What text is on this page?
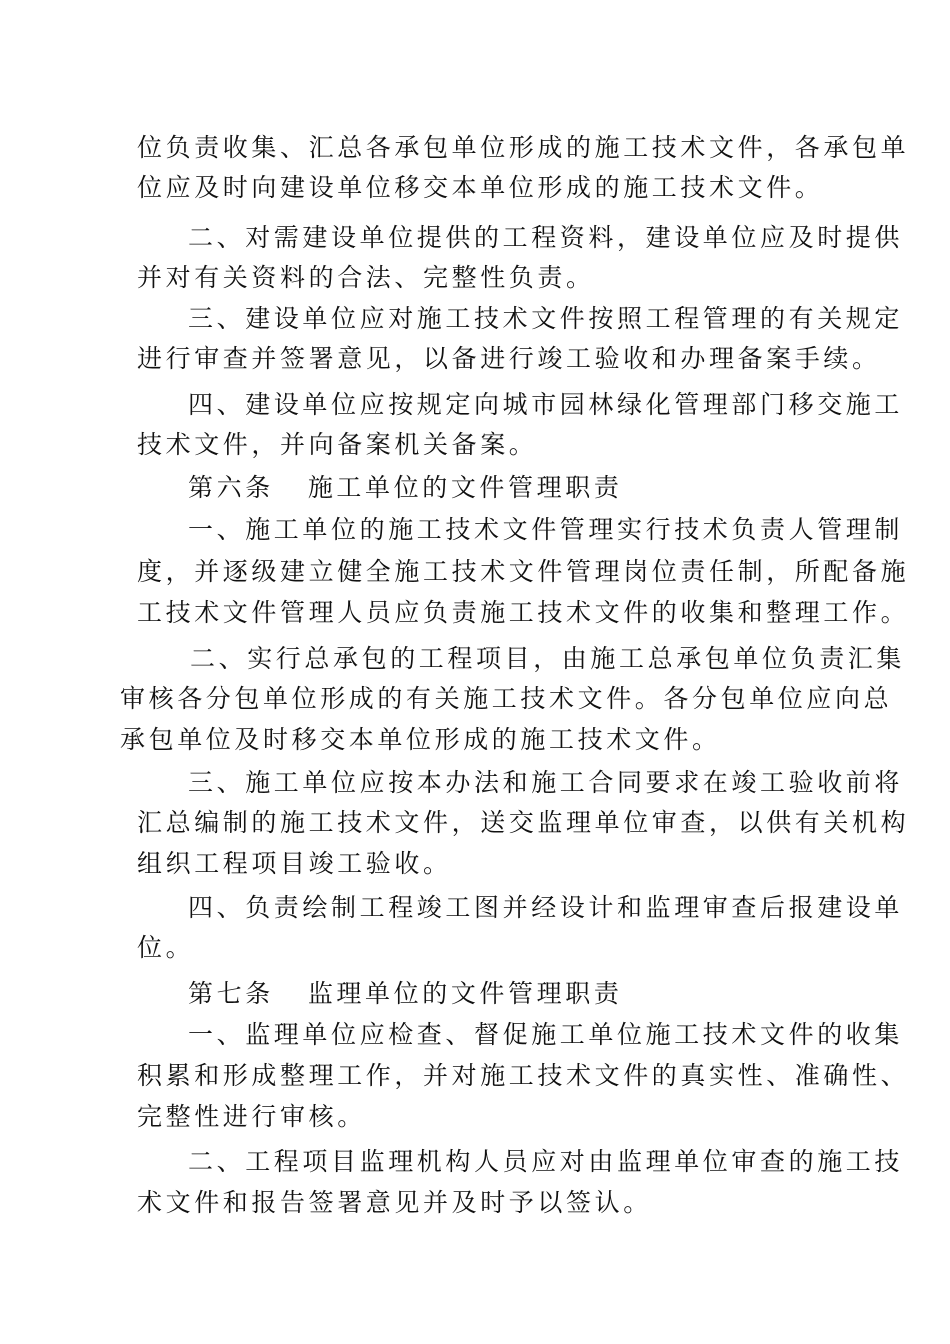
位负责收集、汇总各承包单位形成的施工技术文件，各承包单
位应及时向建设单位移交本单位形成的施工技术文件。
二、对需建设单位提供的工程资料，建设单位应及时提供
并对有关资料的合法、完整性负责。
三、建设单位应对施工技术文件按照工程管理的有关规定
进行审查并签署意见，以备进行竣工验收和办理备案手续。
四、建设单位应按规定向城市园林绿化管理部门移交施工
技术文件，并向备案机关备案。
第六条 施工单位的文件管理职责
一、施工单位的施工技术文件管理实行技术负责人管理制
度，并逐级建立健全施工技术文件管理岗位责任制，所配备施
工技术文件管理人员应负责施工技术文件的收集和整理工作。
二、实行总承包的工程项目，由施工总承包单位负责汇集
审核各分包单位形成的有关施工技术文件。各分包单位应向总
承包单位及时移交本单位形成的施工技术文件。
三、施工单位应按本办法和施工合同要求在竣工验收前将
汇总编制的施工技术文件，送交监理单位审查，以供有关机构
组织工程项目竣工验收。
四、负责绘制工程竣工图并经设计和监理审查后报建设单
位。
第七条 监理单位的文件管理职责
一、监理单位应检查、督促施工单位施工技术文件的收集
积累和形成整理工作，并对施工技术文件的真实性、准确性、
完整性进行审核。
二、工程项目监理机构人员应对由监理单位审查的施工技
术文件和报告签署意见并及时予以签认。
